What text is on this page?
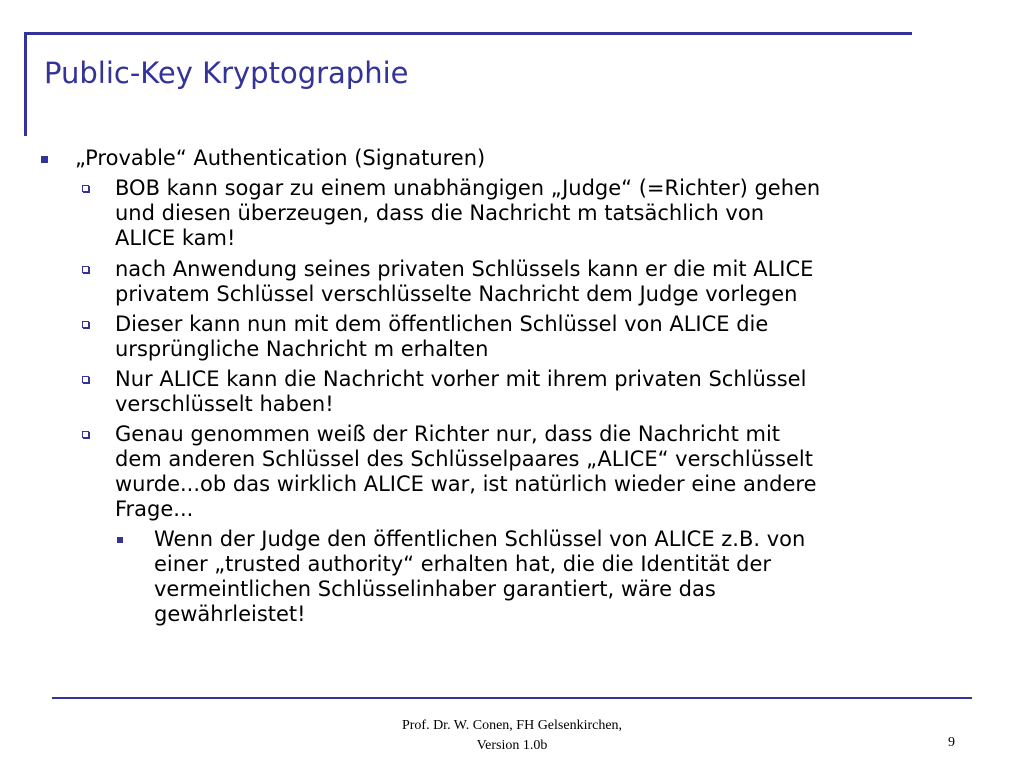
Public-Key Kryptographie
„Provable“ Authentication (Signaturen)
BOB kann sogar zu einem unabhängigen „Judge“ (=Richter) gehen
und diesen überzeugen, dass die Nachricht m tatsächlich von
ALICE kam!
nach Anwendung seines privaten Schlüssels kann er die mit ALICE
privatem Schlüssel verschlüsselte Nachricht dem Judge vorlegen
Dieser kann nun mit dem öffentlichen Schlüssel von ALICE die
ursprüngliche Nachricht m erhalten
Nur ALICE kann die Nachricht vorher mit ihrem privaten Schlüssel
verschlüsselt haben!
Genau genommen weiß der Richter nur, dass die Nachricht mit
dem anderen Schlüssel des Schlüsselpaares „ALICE“ verschlüsselt
wurde...ob das wirklich ALICE war, ist natürlich wieder eine andere
Frage...
Wenn der Judge den öffentlichen Schlüssel von ALICE z.B. von
einer „trusted authority“ erhalten hat, die die Identität der
vermeintlichen Schlüsselinhaber garantiert, wäre das
gewährleistet!
Prof. Dr. W. Conen, FH Gelsenkirchen,
Version 1.0b	9
